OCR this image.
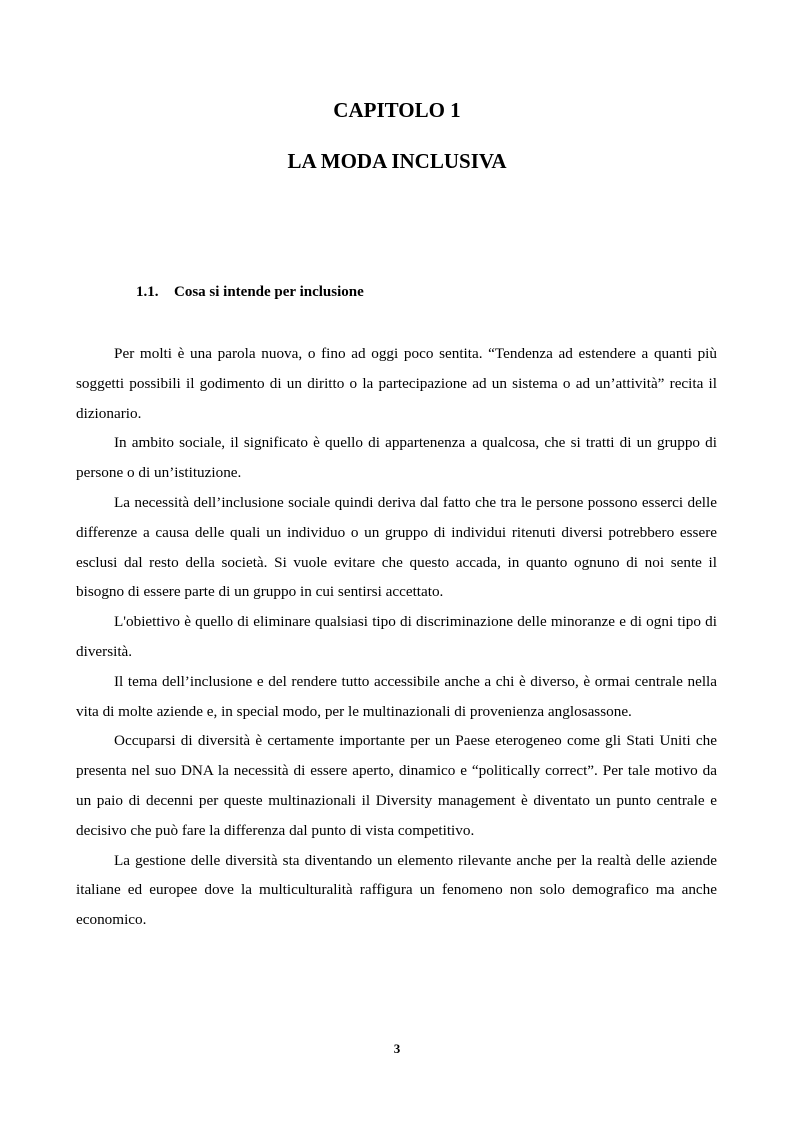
CAPITOLO 1
LA MODA INCLUSIVA
1.1. Cosa si intende per inclusione

Per molti è una parola nuova, o fino ad oggi poco sentita. “Tendenza ad estendere a quanti più soggetti possibili il godimento di un diritto o la partecipazione ad un sistema o ad un’attività” recita il dizionario.

In ambito sociale, il significato è quello di appartenenza a qualcosa, che si tratti di un gruppo di persone o di un’istituzione.

La necessità dell’inclusione sociale quindi deriva dal fatto che tra le persone possono esserci delle differenze a causa delle quali un individuo o un gruppo di individui ritenuti diversi potrebbero essere esclusi dal resto della società. Si vuole evitare che questo accada, in quanto ognuno di noi sente il bisogno di essere parte di un gruppo in cui sentirsi accettato.

L'obiettivo è quello di eliminare qualsiasi tipo di discriminazione delle minoranze e di ogni tipo di diversità.

Il tema dell’inclusione e del rendere tutto accessibile anche a chi è diverso, è ormai centrale nella vita di molte aziende e, in special modo, per le multinazionali di provenienza anglosassone.

Occuparsi di diversità è certamente importante per un Paese eterogeneo come gli Stati Uniti che presenta nel suo DNA la necessità di essere aperto, dinamico e “politically correct”. Per tale motivo da un paio di decenni per queste multinazionali il Diversity management è diventato un punto centrale e decisivo che può fare la differenza dal punto di vista competitivo.

La gestione delle diversità sta diventando un elemento rilevante anche per la realtà delle aziende italiane ed europee dove la multiculturalità raffigura un fenomeno non solo demografico ma anche economico.

3
